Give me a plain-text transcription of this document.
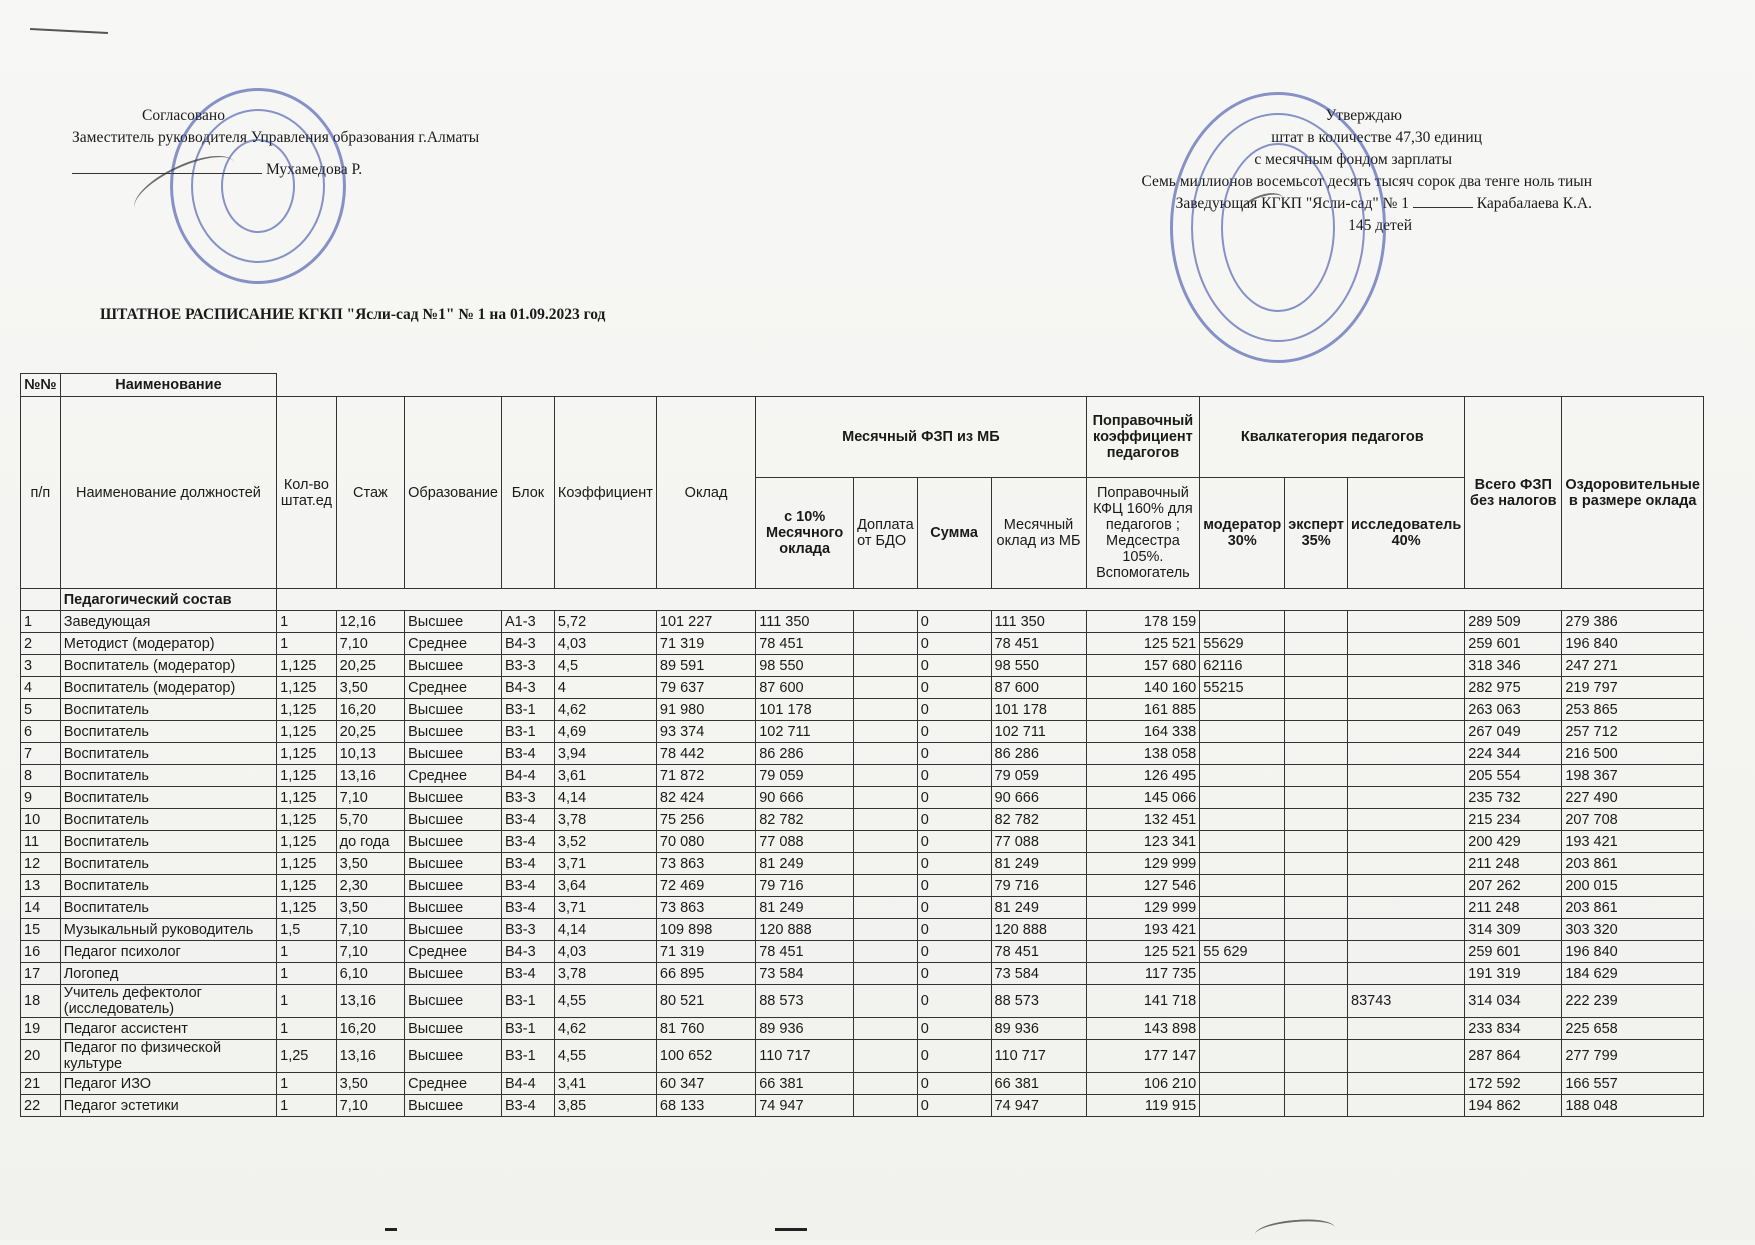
Согласовано
Заместитель руководителя Управления образования г.Алматы
Мухамедова Р.
Утверждаю
штат в количестве 47,30 единиц
с месячным фондом зарплаты
Семь миллионов восемьсот десять тысяч сорок два тенге ноль тиын
Заведующая КГКП "Ясли-сад" № 1	Карабалаева К.А.
145 детей
ШТАТНОЕ РАСПИСАНИЕ КГКП "Ясли-сад №1" № 1 на 01.09.2023 год
№№	Наименование																
п/п	Наименование должностей	Кол-во штат.ед	Стаж	Образование	Блок	Коэффициент	Оклад	Месячный ФЗП из МБ				Поправочный коэффициент педагогов	Квалкатегория педагогов			Всего ФЗП без налогов	Оздоровительные в размере оклада
								с 10% Месячного оклада	Доплата от БДО	Сумма	Месячный оклад из МБ	Поправочный КФЦ 160% для педагогов ; Медсестра 105%. Вспомогатель	модератор 30%	эксперт 35%	исследователь 40%		
	Педагогический состав																
1	Заведующая	1	12,16	Высшее	А1-3	5,72	101 227	111 350		0	111 350	178 159				289 509	279 386
2	Методист (модератор)	1	7,10	Среднее	В4-3	4,03	71 319	78 451		0	78 451	125 521	55629			259 601	196 840
3	Воспитатель (модератор)	1,125	20,25	Высшее	В3-3	4,5	89 591	98 550		0	98 550	157 680	62116			318 346	247 271
4	Воспитатель (модератор)	1,125	3,50	Среднее	В4-3	4	79 637	87 600		0	87 600	140 160	55215			282 975	219 797
5	Воспитатель	1,125	16,20	Высшее	В3-1	4,62	91 980	101 178		0	101 178	161 885				263 063	253 865
6	Воспитатель	1,125	20,25	Высшее	В3-1	4,69	93 374	102 711		0	102 711	164 338				267 049	257 712
7	Воспитатель	1,125	10,13	Высшее	В3-4	3,94	78 442	86 286		0	86 286	138 058				224 344	216 500
8	Воспитатель	1,125	13,16	Среднее	В4-4	3,61	71 872	79 059		0	79 059	126 495				205 554	198 367
9	Воспитатель	1,125	7,10	Высшее	В3-3	4,14	82 424	90 666		0	90 666	145 066				235 732	227 490
10	Воспитатель	1,125	5,70	Высшее	В3-4	3,78	75 256	82 782		0	82 782	132 451				215 234	207 708
11	Воспитатель	1,125	до года	Высшее	В3-4	3,52	70 080	77 088		0	77 088	123 341				200 429	193 421
12	Воспитатель	1,125	3,50	Высшее	В3-4	3,71	73 863	81 249		0	81 249	129 999				211 248	203 861
13	Воспитатель	1,125	2,30	Высшее	В3-4	3,64	72 469	79 716		0	79 716	127 546				207 262	200 015
14	Воспитатель	1,125	3,50	Высшее	В3-4	3,71	73 863	81 249		0	81 249	129 999				211 248	203 861
15	Музыкальный руководитель	1,5	7,10	Высшее	В3-3	4,14	109 898	120 888		0	120 888	193 421				314 309	303 320
16	Педагог психолог	1	7,10	Среднее	В4-3	4,03	71 319	78 451		0	78 451	125 521	55 629			259 601	196 840
17	Логопед	1	6,10	Высшее	В3-4	3,78	66 895	73 584		0	73 584	117 735				191 319	184 629
18	Учитель дефектолог (исследователь)	1	13,16	Высшее	В3-1	4,55	80 521	88 573		0	88 573	141 718			83743	314 034	222 239
19	Педагог ассистент	1	16,20	Высшее	В3-1	4,62	81 760	89 936		0	89 936	143 898				233 834	225 658
20	Педагог по физической культуре	1,25	13,16	Высшее	В3-1	4,55	100 652	110 717		0	110 717	177 147				287 864	277 799
21	Педагог ИЗО	1	3,50	Среднее	В4-4	3,41	60 347	66 381		0	66 381	106 210				172 592	166 557
22	Педагог эстетики	1	7,10	Высшее	В3-4	3,85	68 133	74 947		0	74 947	119 915				194 862	188 048
